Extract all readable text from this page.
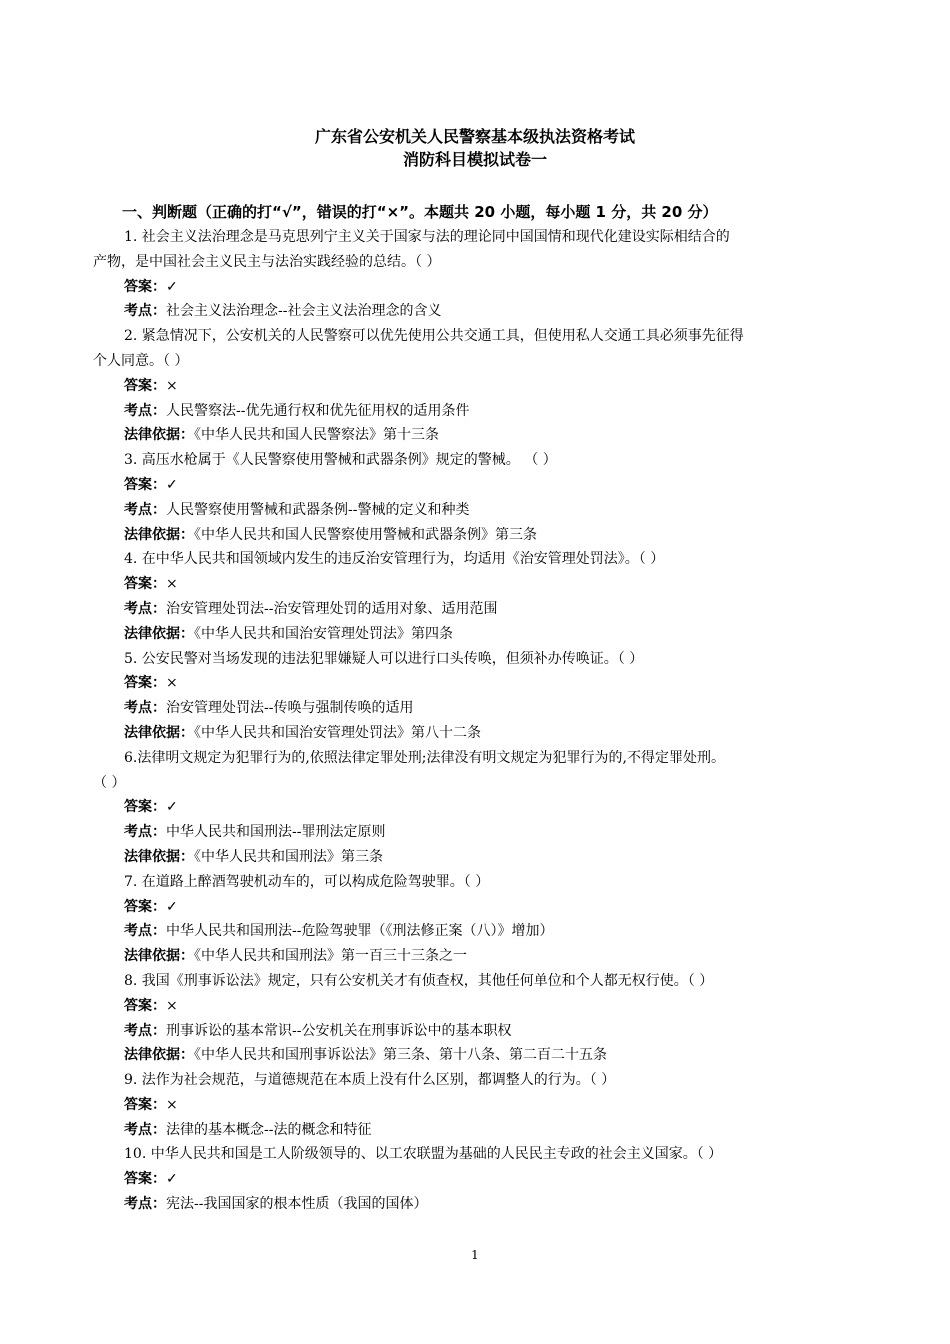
广东省公安机关人民警察基本级执法资格考试
消防科目模拟试卷一
一、判断题（正确的打“√”，错误的打“×”。本题共 20 小题，每小题 1 分，共 20 分）
1. 社会主义法治理念是马克思列宁主义关于国家与法的理论同中国国情和现代化建设实际相结合的
产物，是中国社会主义民主与法治实践经验的总结。（ ）
答案：✓
考点：社会主义法治理念--社会主义法治理念的含义
2. 紧急情况下，公安机关的人民警察可以优先使用公共交通工具，但使用私人交通工具必须事先征得
个人同意。（ ）
答案：×
考点：人民警察法--优先通行权和优先征用权的适用条件
法律依据：《中华人民共和国人民警察法》第十三条
3. 高压水枪属于《人民警察使用警械和武器条例》规定的警械。 （ ）
答案：✓
考点：人民警察使用警械和武器条例--警械的定义和种类
法律依据：《中华人民共和国人民警察使用警械和武器条例》第三条
4. 在中华人民共和国领域内发生的违反治安管理行为，均适用《治安管理处罚法》。（ ）
答案：×
考点：治安管理处罚法--治安管理处罚的适用对象、适用范围
法律依据：《中华人民共和国治安管理处罚法》第四条
5. 公安民警对当场发现的违法犯罪嫌疑人可以进行口头传唤，但须补办传唤证。（ ）
答案：×
考点：治安管理处罚法--传唤与强制传唤的适用
法律依据：《中华人民共和国治安管理处罚法》第八十二条
6.法律明文规定为犯罪行为的,依照法律定罪处刑;法律没有明文规定为犯罪行为的,不得定罪处刑。
（ ）
答案：✓
考点：中华人民共和国刑法--罪刑法定原则
法律依据：《中华人民共和国刑法》第三条
7. 在道路上醉酒驾驶机动车的，可以构成危险驾驶罪。（ ）
答案：✓
考点：中华人民共和国刑法--危险驾驶罪（《刑法修正案（八）》增加）
法律依据：《中华人民共和国刑法》第一百三十三条之一
8. 我国《刑事诉讼法》规定，只有公安机关才有侦查权，其他任何单位和个人都无权行使。（ ）
答案：×
考点：刑事诉讼的基本常识--公安机关在刑事诉讼中的基本职权
法律依据：《中华人民共和国刑事诉讼法》第三条、第十八条、第二百二十五条
9. 法作为社会规范，与道德规范在本质上没有什么区别，都调整人的行为。（ ）
答案：×
考点：法律的基本概念--法的概念和特征
10. 中华人民共和国是工人阶级领导的、以工农联盟为基础的人民民主专政的社会主义国家。（ ）
答案：✓
考点：宪法--我国国家的根本性质（我国的国体）
1
